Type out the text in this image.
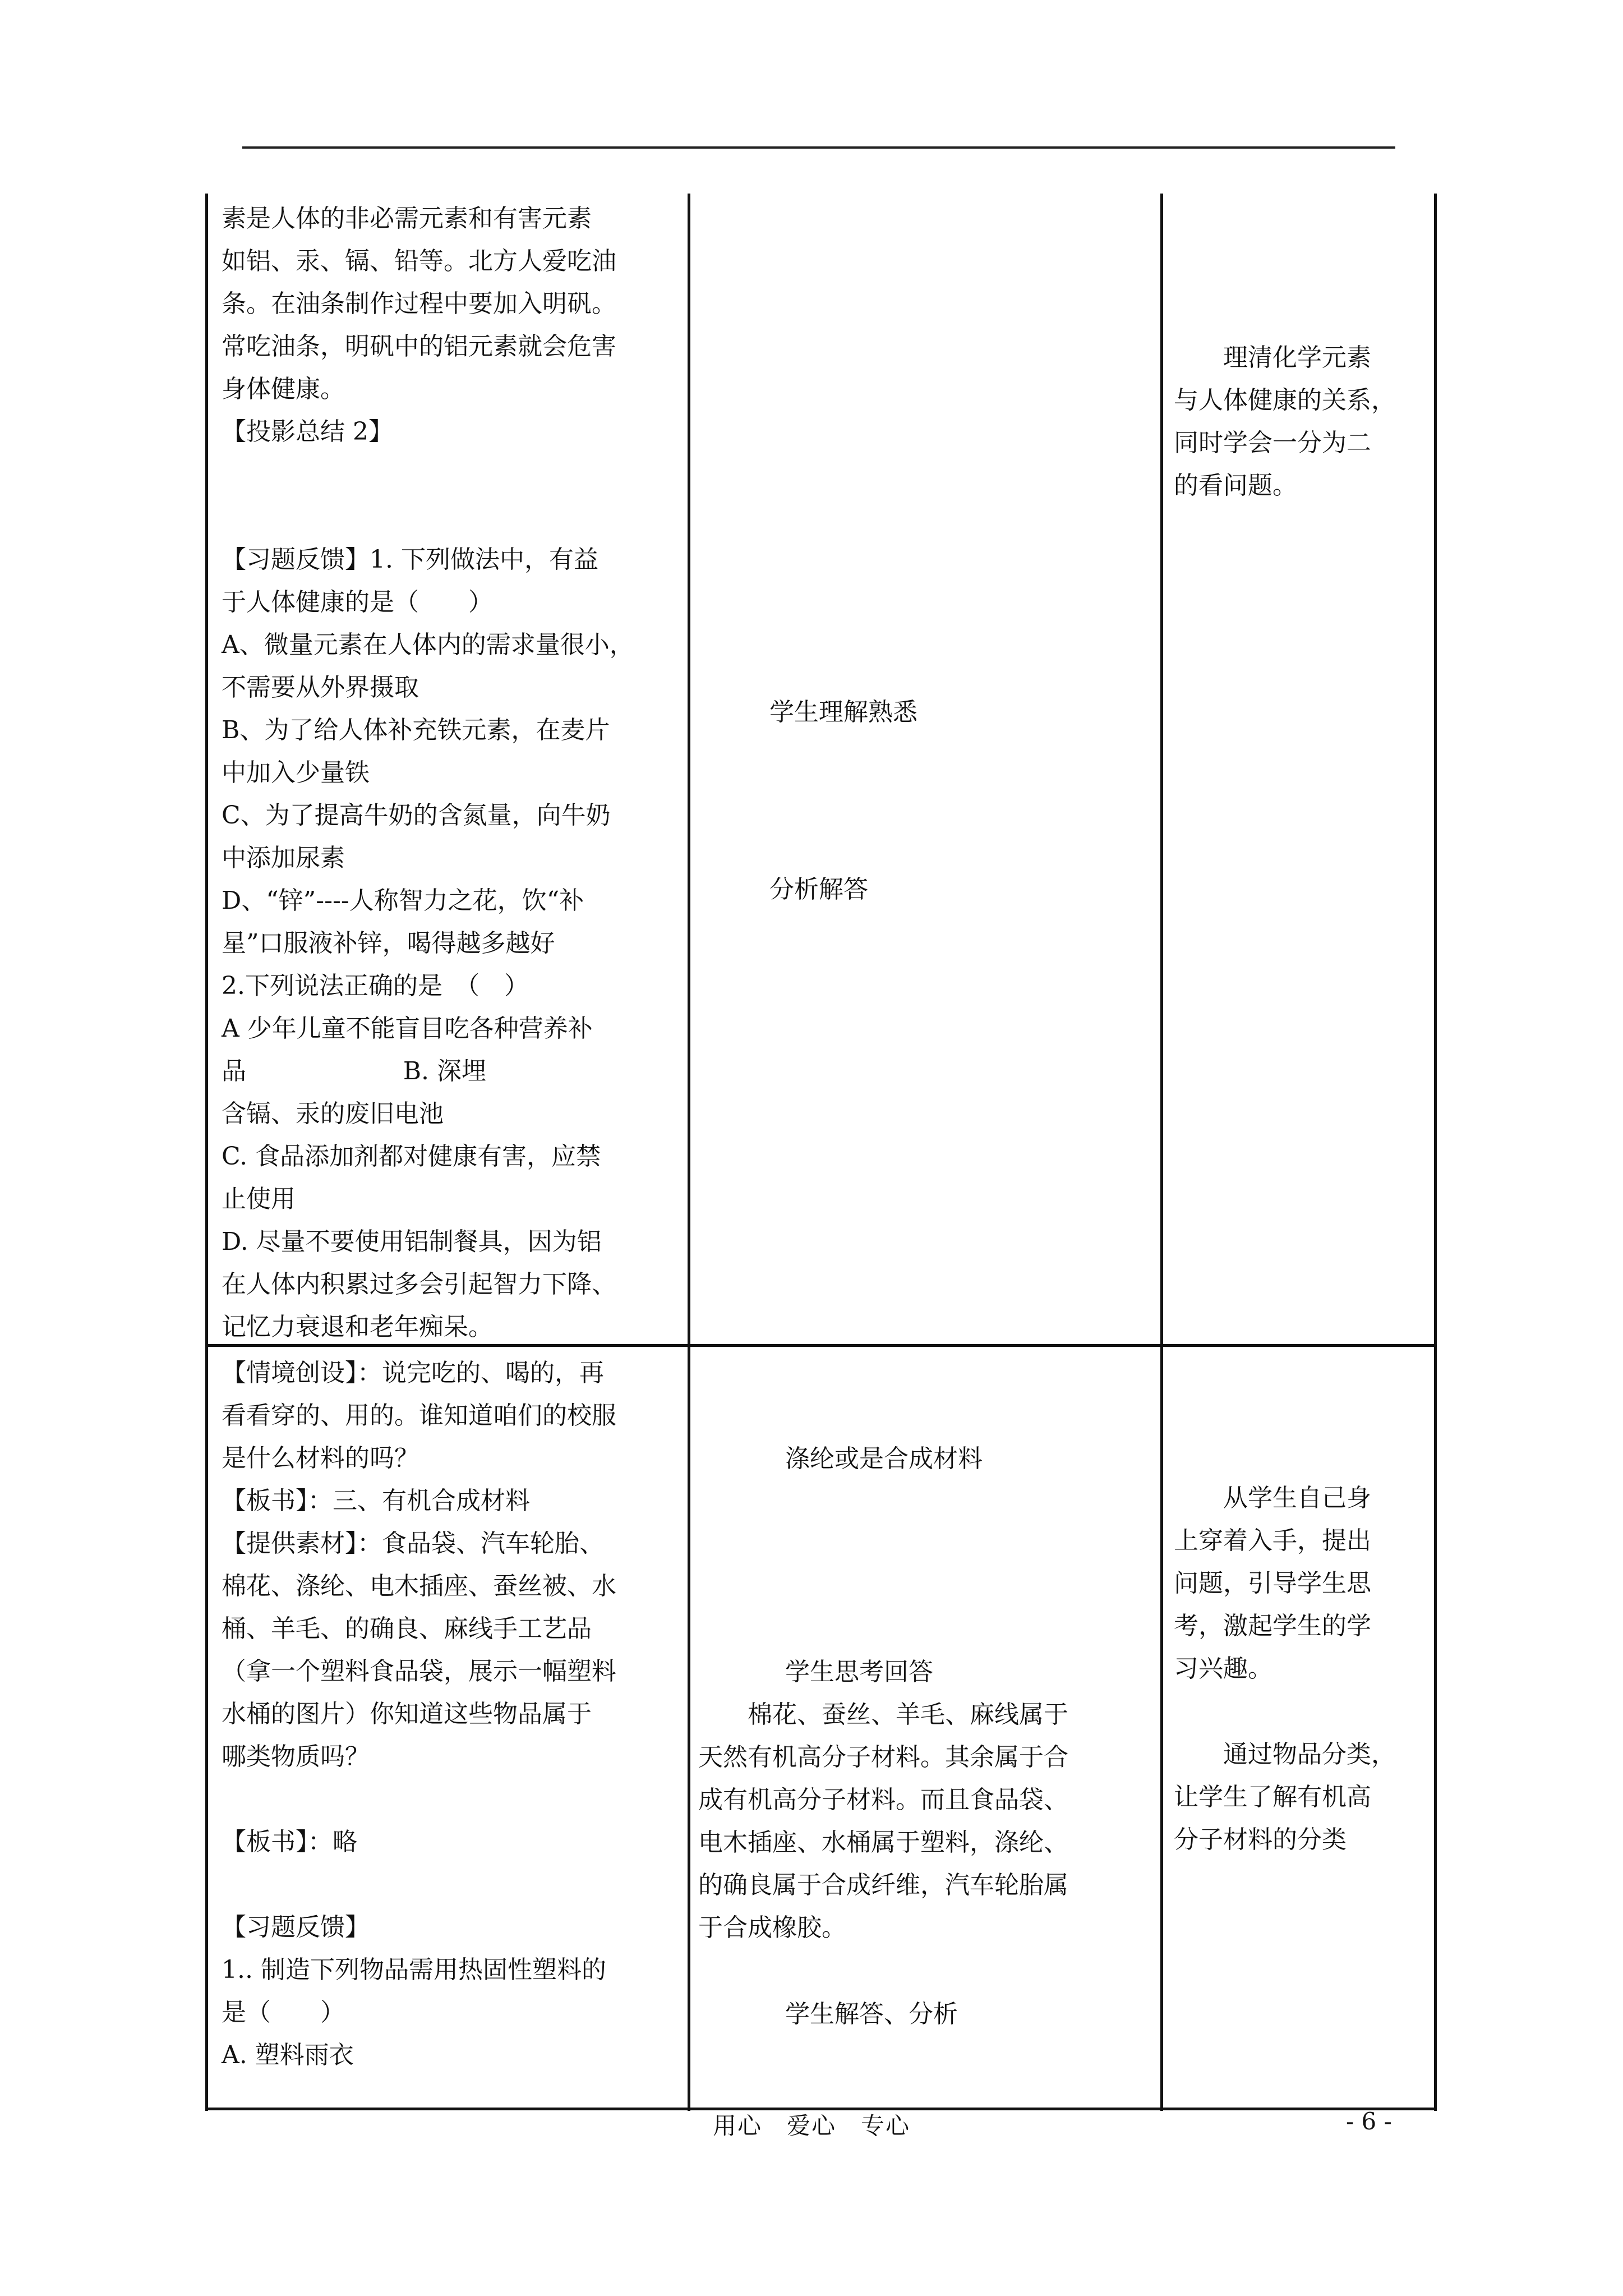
素是人体的非必需元素和有害元素

如铝、汞、镉、铅等。北方人爱吃油

条。在油条制作过程中要加入明矾。

常吃油条，明矾中的铝元素就会危害

身体健康。

【投影总结 2】

【习题反馈】1. 下列做法中，有益

于人体健康的是（　　）

A、微量元素在人体内的需求量很小，

不需要从外界摄取

B、为了给人体补充铁元素，在麦片

中加入少量铁

C、为了提高牛奶的含氮量，向牛奶

中添加尿素

D、“锌”----人称智力之花，饮“补

星”口服液补锌，喝得越多越好

2.下列说法正确的是　（　）

A 少年儿童不能盲目吃各种营养补

品                    B. 深埋

含镉、汞的废旧电池

C. 食品添加剂都对健康有害，应禁

止使用

D. 尽量不要使用铝制餐具，因为铝

在人体内积累过多会引起智力下降、

记忆力衰退和老年痴呆。

学生理解熟悉

分析解答

　　理清化学元素

与人体健康的关系，

同时学会一分为二

的看问题。

【情境创设】：说完吃的、喝的，再

看看穿的、用的。谁知道咱们的校服

是什么材料的吗？

【板书】：三、有机合成材料

【提供素材】：食品袋、汽车轮胎、

棉花、涤纶、电木插座、蚕丝被、水

桶、羊毛、的确良、麻线手工艺品

（拿一个塑料食品袋，展示一幅塑料

水桶的图片）你知道这些物品属于

哪类物质吗？

【板书】：略

【习题反馈】

1.. 制造下列物品需用热固性塑料的

是（　　）

A. 塑料雨衣

涤纶或是合成材料

学生思考回答

　　棉花、蚕丝、羊毛、麻线属于

天然有机高分子材料。其余属于合

成有机高分子材料。而且食品袋、

电木插座、水桶属于塑料，涤纶、

的确良属于合成纤维，汽车轮胎属

于合成橡胶。

学生解答、分析

　　从学生自己身

上穿着入手，提出

问题，引导学生思

考，激起学生的学

习兴趣。

　　通过物品分类，

让学生了解有机高

分子材料的分类

用心　爱心　专心	- 6 -
